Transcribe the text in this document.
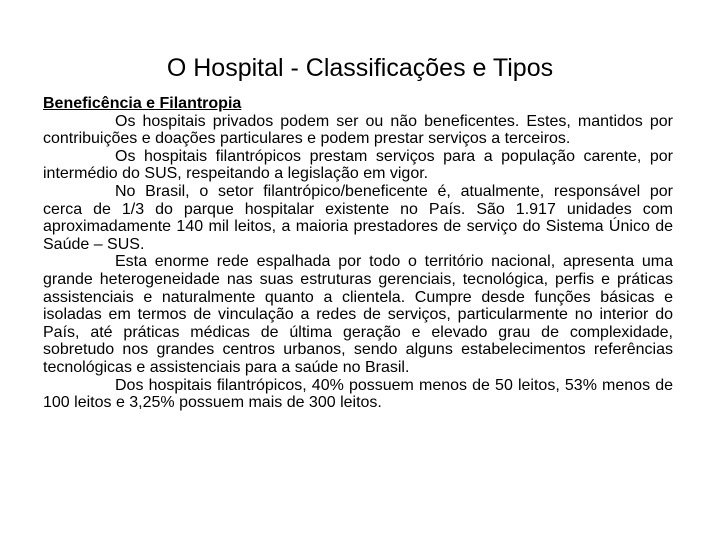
O Hospital - Classificações e Tipos

Beneficência e Filantropia

Os hospitais privados podem ser ou não beneficentes. Estes, mantidos por contribuições e doações particulares e podem prestar serviços a terceiros.

Os hospitais filantrópicos prestam serviços para a população carente, por intermédio do SUS, respeitando a legislação em vigor.

No Brasil, o setor filantrópico/beneficente é, atualmente, responsável por cerca de 1/3 do parque hospitalar existente no País. São 1.917 unidades com aproximadamente 140 mil leitos, a maioria prestadores de serviço do Sistema Único de Saúde – SUS.

Esta enorme rede espalhada por todo o território nacional, apresenta uma grande heterogeneidade nas suas estruturas gerenciais, tecnológica, perfis e práticas assistenciais e naturalmente quanto a clientela. Cumpre desde funções básicas e isoladas em termos de vinculação a redes de serviços, particularmente no interior do País, até práticas médicas de última geração e elevado grau de complexidade, sobretudo nos grandes centros urbanos, sendo alguns estabelecimentos referências tecnológicas e assistenciais para a saúde no Brasil.

Dos hospitais filantrópicos, 40% possuem menos de 50 leitos, 53% menos de 100 leitos e 3,25% possuem mais de 300 leitos.
